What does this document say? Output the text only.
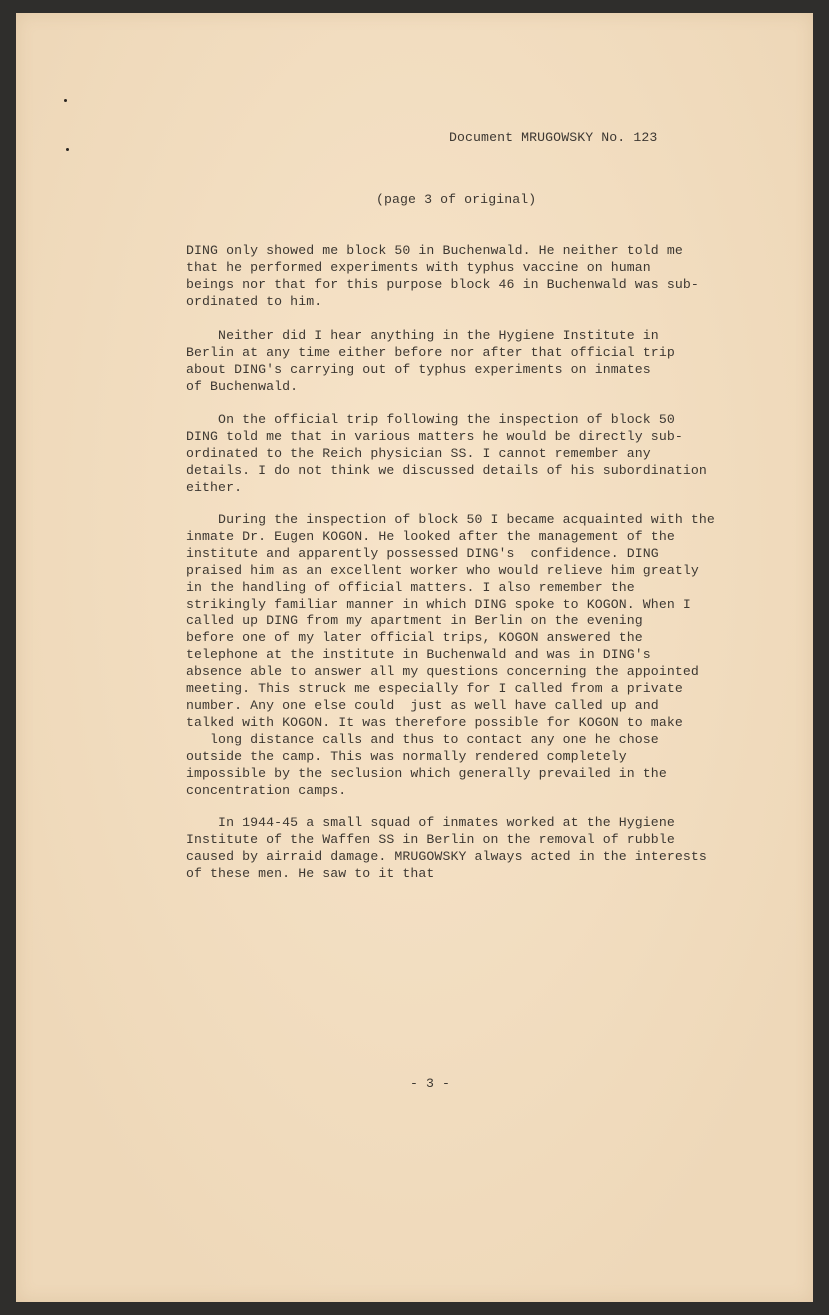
Document MRUGOWSKY No. 123
(page 3 of original)

DING only showed me block 50 in Buchenwald. He neither told me
that he performed experiments with typhus vaccine on human
beings nor that for this purpose block 46 in Buchenwald was sub-
ordinated to him.

Neither did I hear anything in the Hygiene Institute in
Berlin at any time either before nor after that official trip
about DING's carrying out of typhus experiments on inmates
of Buchenwald.

On the official trip following the inspection of block 50
DING told me that in various matters he would be directly sub-
ordinated to the Reich physician SS. I cannot remember any
details. I do not think we discussed details of his subordination
either.

During the inspection of block 50 I became acquainted with the
inmate Dr. Eugen KOGON. He looked after the management of the
institute and apparently possessed DING's  confidence. DING
praised him as an excellent worker who would relieve him greatly
in the handling of official matters. I also remember the
strikingly familiar manner in which DING spoke to KOGON. When I
called up DING from my apartment in Berlin on the evening
before one of my later official trips, KOGON answered the
telephone at the institute in Buchenwald and was in DING's
absence able to answer all my questions concerning the appointed
meeting. This struck me especially for I called from a private
number. Any one else could  just as well have called up and
talked with KOGON. It was therefore possible for KOGON to make
long distance calls and thus to contact any one he chose
outside the camp. This was normally rendered completely
impossible by the seclusion which generally prevailed in the
concentration camps.

In 1944-45 a small squad of inmates worked at the Hygiene
Institute of the Waffen SS in Berlin on the removal of rubble
caused by airraid damage. MRUGOWSKY always acted in the interests
of these men. He saw to it that

- 3 -
